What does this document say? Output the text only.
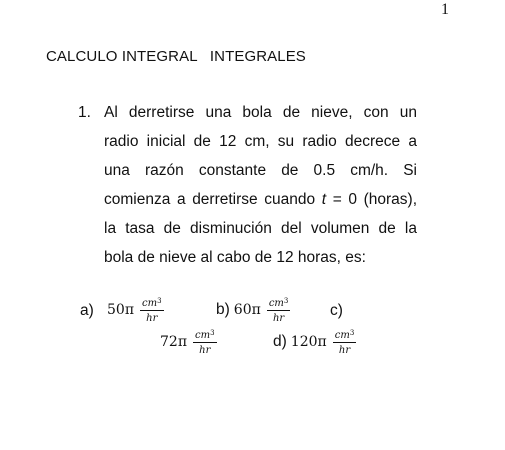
1
CALCULO INTEGRAL   INTEGRALES
1. Al derretirse una bola de nieve, con un
radio inicial de 12 cm, su radio decrece a
una razón constante de 0.5 cm/h. Si
comienza a derretirse cuando t = 0 (horas),
la tasa de disminución del volumen de la
bola de nieve al cabo de 12 horas, es:
a) $50\pi \frac{cm^3}{hr}$	b) $60\pi \frac{cm^3}{hr}$	c)
$72\pi \frac{cm^3}{hr}$	d) $120\pi \frac{cm^3}{hr}$
